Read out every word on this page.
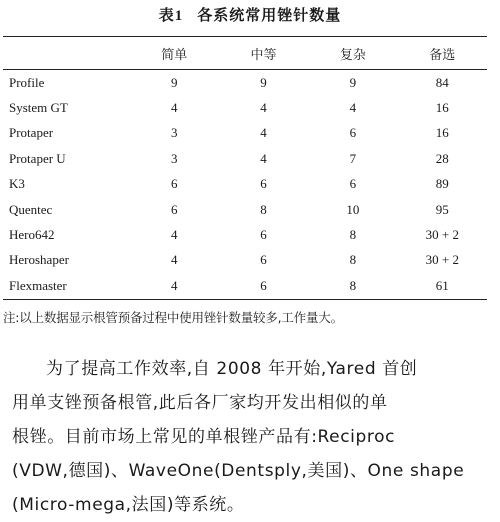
表1 各系统常用锉针数量
	简单	中等	复杂	备选
Profile	9	9	9	84
System GT	4	4	4	16
Protaper	3	4	6	16
Protaper U	3	4	7	28
K3	6	6	6	89
Quentec	6	8	10	95
Hero642	4	6	8	30 + 2
Heroshaper	4	6	8	30 + 2
Flexmaster	4	6	8	61
注:以上数据显示根管预备过程中使用锉针数量较多,工作量大。
为了提高工作效率,自 2008 年开始,Yared 首创
用单支锉预备根管,此后各厂家均开发出相似的单
根锉。目前市场上常见的单根锉产品有:Reciproc
(VDW,德国)、WaveOne(Dentsply,美国)、One shape
(Micro-mega,法国)等系统。
